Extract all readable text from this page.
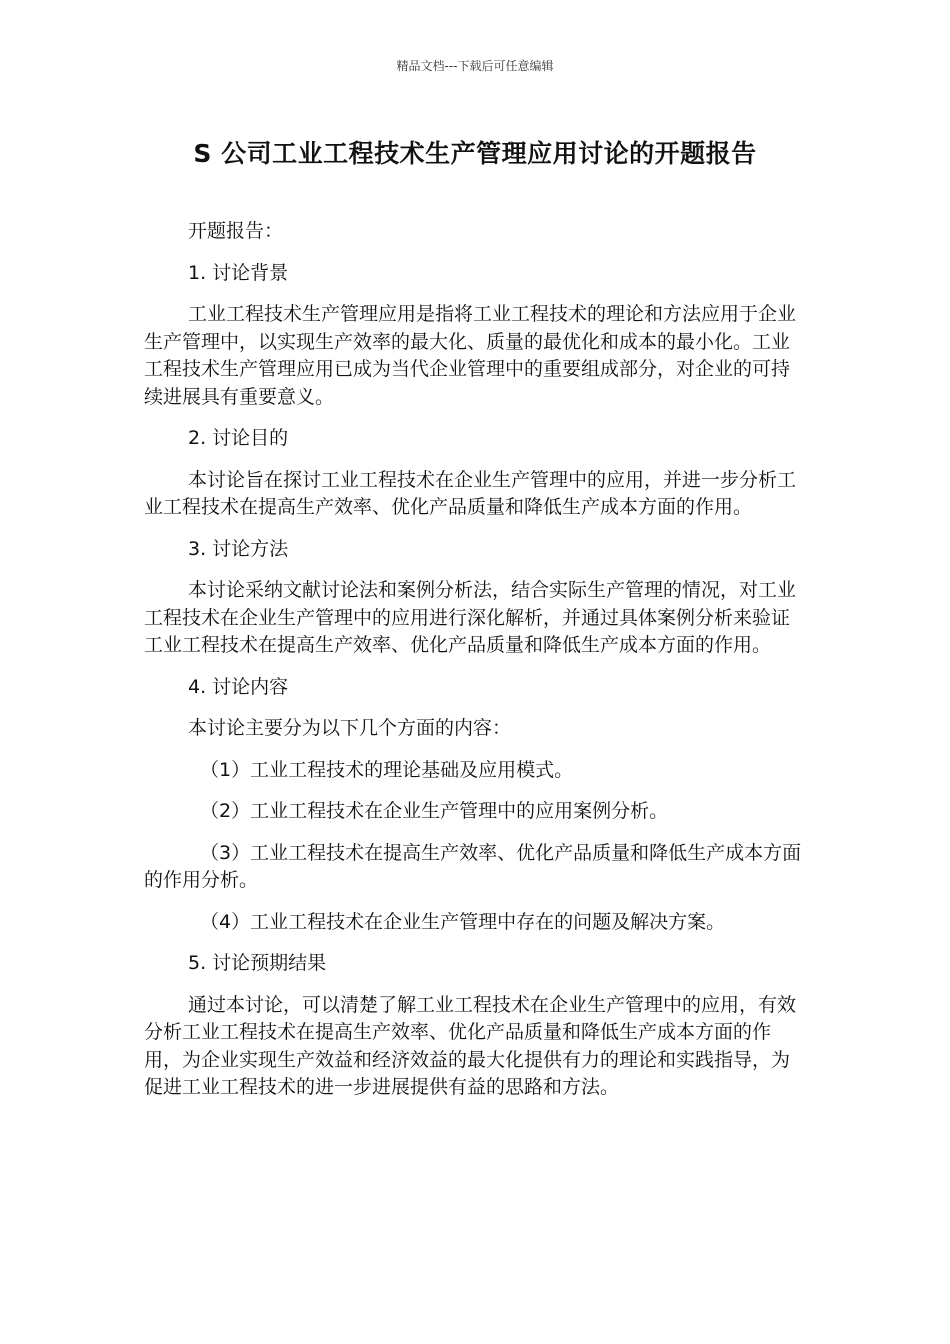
精品文档---下载后可任意编辑
S 公司工业工程技术生产管理应用讨论的开题报告

开题报告：

1. 讨论背景

工业工程技术生产管理应用是指将工业工程技术的理论和方法应用于企业生产管理中，以实现生产效率的最大化、质量的最优化和成本的最小化。工业工程技术生产管理应用已成为当代企业管理中的重要组成部分，对企业的可持续进展具有重要意义。

2. 讨论目的

本讨论旨在探讨工业工程技术在企业生产管理中的应用，并进一步分析工业工程技术在提高生产效率、优化产品质量和降低生产成本方面的作用。

3. 讨论方法

本讨论采纳文献讨论法和案例分析法，结合实际生产管理的情况，对工业工程技术在企业生产管理中的应用进行深化解析，并通过具体案例分析来验证工业工程技术在提高生产效率、优化产品质量和降低生产成本方面的作用。

4. 讨论内容

本讨论主要分为以下几个方面的内容：

（1）工业工程技术的理论基础及应用模式。

（2）工业工程技术在企业生产管理中的应用案例分析。

（3）工业工程技术在提高生产效率、优化产品质量和降低生产成本方面的作用分析。

（4）工业工程技术在企业生产管理中存在的问题及解决方案。

5. 讨论预期结果

通过本讨论，可以清楚了解工业工程技术在企业生产管理中的应用，有效分析工业工程技术在提高生产效率、优化产品质量和降低生产成本方面的作用，为企业实现生产效益和经济效益的最大化提供有力的理论和实践指导，为促进工业工程技术的进一步进展提供有益的思路和方法。
